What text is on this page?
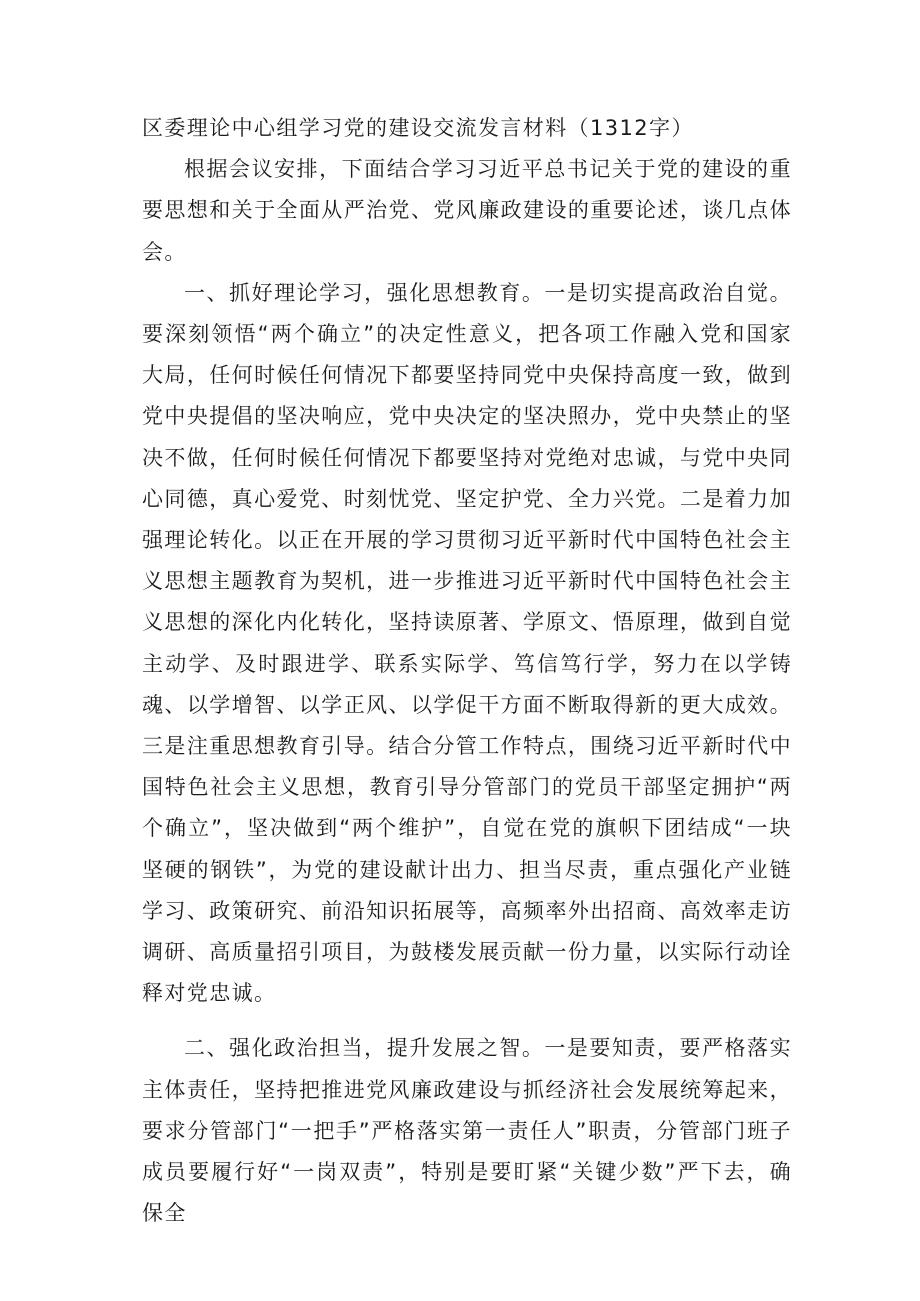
区委理论中心组学习党的建设交流发言材料（1312字）

根据会议安排，下面结合学习习近平总书记关于党的建设的重要思想和关于全面从严治党、党风廉政建设的重要论述，谈几点体会。

一、抓好理论学习，强化思想教育。一是切实提高政治自觉。要深刻领悟“两个确立”的决定性意义，把各项工作融入党和国家大局，任何时候任何情况下都要坚持同党中央保持高度一致，做到党中央提倡的坚决响应，党中央决定的坚决照办，党中央禁止的坚决不做，任何时候任何情况下都要坚持对党绝对忠诚，与党中央同心同德，真心爱党、时刻忧党、坚定护党、全力兴党。二是着力加强理论转化。以正在开展的学习贯彻习近平新时代中国特色社会主义思想主题教育为契机，进一步推进习近平新时代中国特色社会主义思想的深化内化转化，坚持读原著、学原文、悟原理，做到自觉主动学、及时跟进学、联系实际学、笃信笃行学，努力在以学铸魂、以学增智、以学正风、以学促干方面不断取得新的更大成效。三是注重思想教育引导。结合分管工作特点，围绕习近平新时代中国特色社会主义思想，教育引导分管部门的党员干部坚定拥护“两个确立”，坚决做到“两个维护”，自觉在党的旗帜下团结成“一块坚硬的钢铁”，为党的建设献计出力、担当尽责，重点强化产业链学习、政策研究、前沿知识拓展等，高频率外出招商、高效率走访调研、高质量招引项目，为鼓楼发展贡献一份力量，以实际行动诠释对党忠诚。

二、强化政治担当，提升发展之智。一是要知责，要严格落实主体责任，坚持把推进党风廉政建设与抓经济社会发展统筹起来，要求分管部门“一把手”严格落实第一责任人”职责，分管部门班子成员要履行好“一岗双责”，特别是要盯紧“关键少数”严下去，确保全
